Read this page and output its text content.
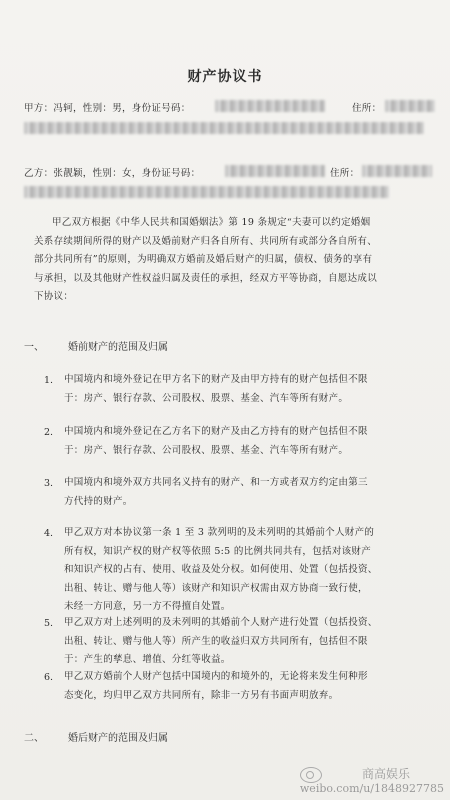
财产协议书
甲方：冯轲，性别：男，身份证号码：	住所：
乙方：张靓颖，性别：女，身份证号码：	住所：
甲乙双方根据《中华人民共和国婚姻法》第 19 条规定“夫妻可以约定婚姻
关系存续期间所得的财产以及婚前财产归各自所有、共同所有或部分各自所有、
部分共同所有”的原则，为明确双方婚前及婚后财产的归属，债权、债务的享有
与承担，以及其他财产性权益归属及责任的承担，经双方平等协商，自愿达成以
下协议：
一、 婚前财产的范围及归属
1. 中国境内和境外登记在甲方名下的财产及由甲方持有的财产包括但不限
于：房产、银行存款、公司股权、股票、基金、汽车等所有财产。
2. 中国境内和境外登记在乙方名下的财产及由乙方持有的财产包括但不限
于：房产、银行存款、公司股权、股票、基金、汽车等所有财产。
3. 中国境内和境外双方共同名义持有的财产、和一方或者双方约定由第三
方代持的财产。
4. 甲乙双方对本协议第一条 1 至 3 款列明的及未列明的其婚前个人财产的
所有权，知识产权的财产权等依照 5:5 的比例共同共有，包括对该财产
和知识产权的占有、使用、收益及处分权。如何使用、处置（包括投资、
出租、转让、赠与他人等）该财产和知识产权需由双方协商一致行使，
未经一方同意，另一方不得擅自处置。
5. 甲乙双方对上述列明的及未列明的其婚前个人财产进行处置（包括投资、
出租、转让、赠与他人等）所产生的收益归双方共同所有，包括但不限
于：产生的孳息、增值、分红等收益。
6. 甲乙双方婚前个人财产包括中国境内的和境外的，无论将来发生何种形
态变化，均归甲乙双方共同所有，除非一方另有书面声明放弃。
二、 婚后财产的范围及归属
商高娱乐
weibo.com/u/1848927785
